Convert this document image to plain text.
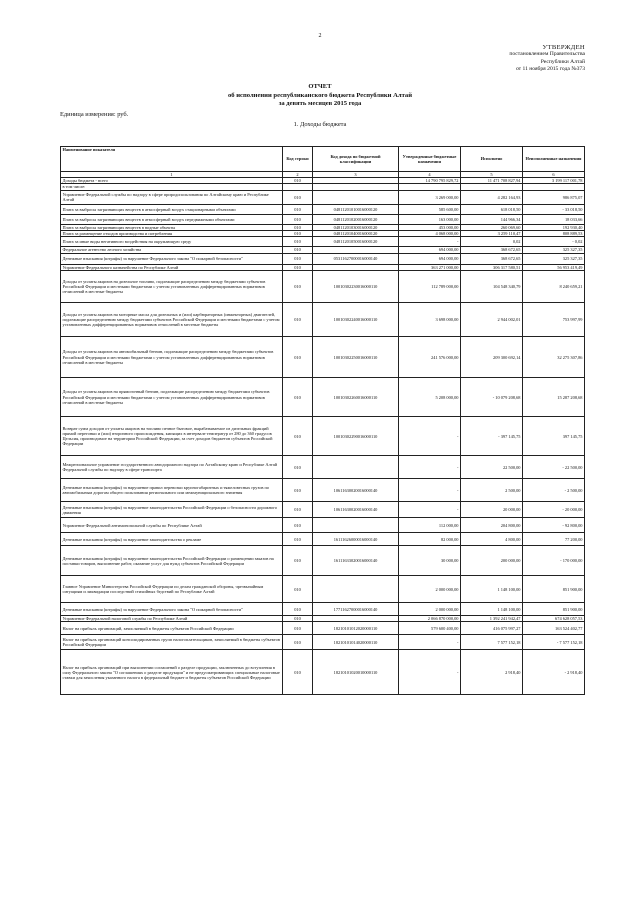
2
УТВЕРЖДЕН
постановлением Правительства
Республики Алтай
от 11 ноября 2015 года №373
ОТЧЕТ
об исполнении республиканского бюджета Республики Алтай
за девять месяцев 2015 года
Единица измерения: руб.
1. Доходы бюджета
Наименование показателя	Код строки	Код дохода по бюджетной классификации	Утвержденные бюджетные назначения	Исполнено	Неисполненные назначения
1	2	3	4	5	6
Доходы бюджета - всего	010		14 790 795 829,72	11 471 708 827,94	3 199 117 001,78
в том числе:					
Управление Федеральной службы по надзору в сфере природопользования по Алтайскому краю и Республике Алтай	010		3 269 000,00	4 282 164,93	986 875,07
Плата за выбросы загрязняющих веществ в атмосферный воздух стационарными объектами	010	04811201010016000120	585 600,00	618 018,50	- 33 018,50
Плата за выбросы загрязняющих веществ в атмосферный воздух передвижными объектами	010	04811201020016000120	163 000,00	144 966,34	18 033,66
Плата за выбросы загрязняющих веществ в водные объекты	010	04811201030016000120	453 000,00	260 069,60	192 930,40
Плата за размещение отходов производства и потребления	010	04811201040016000120	4 068 000,00	3 259 110,47	808 889,53
Плата за иные виды негативного воздействия на окружающую среду	010	04811201050016000120	-	0,02	- 0,02
Федеральное агентство лесного хозяйства	010		694 000,00	368 672,65	325 327,35
Денежные взыскания (штрафы) за нарушение Федерального закона "О пожарной безопасности"	010	05311627000016000140	694 000,00	368 672,65	325 327,35
Управление Федерального казначейства по Республике Алтай	010		363 271 000,00	306 317 580,51	56 953 419,49
Доходы от уплаты акцизов на дизельное топливо, подлежащие распределению между бюджетами субъектов Российской Федерации и местными бюджетами с учетом установленных дифференцированных нормативов отчислений в местные бюджеты	010	10010302230016000110	112 789 000,00	104 548 340,79	8 240 659,21
Доходы от уплаты акцизов на моторные масла для дизельных и (или) карбюраторных (инжекторных) двигателей, подлежащие распределению между бюджетами субъектов Российской Федерации и местными бюджетами с учетом установленных дифференцированных нормативов отчислений в местные бюджеты	010	10010302240016000110	3 698 000,00	2 944 002,01	753 997,99
Доходы от уплаты акцизов на автомобильный бензин, подлежащие распределению между бюджетами субъектов Российской Федерации и местными бюджетами с учетом установленных дифференцированных нормативов отчислений в местные бюджеты	010	10010302250016000110	241 576 000,00	209 300 692,14	32 275 307,86
Доходы от уплаты акцизов на прямогонный бензин, подлежащие распределению между бюджетами субъектов Российской Федерации и местными бюджетами с учетом установленных дифференцированных нормативов отчислений в местные бюджеты	010	10010302260016000110	5 208 000,00	- 10 079 208,68	15 287 208,68
Возврат сумм доходов от уплаты акцизов на топливо печное бытовое, вырабатываемое из дизельных фракций прямой перегонки и (или) вторичного происхождения, кипящих в интервале температур от 280 до 360 градусов Цельсия, производимое на территории Российской Федерации, за счет доходов бюджетов субъектов Российской Федерации	010	10010302290016000110	-	- 397 145,75	397 145,75
Межрегиональное управление государственного автодорожного надзора по Алтайскому краю и Республике Алтай Федеральной службы по надзору в сфере транспорта	010		-	22 500,00	- 22 500,00
Денежные взыскания (штрафы) за нарушение правил перевозки крупногабаритных и тяжеловесных грузов по автомобильным дорогам общего пользования регионального или межмуниципального значения	010	10611630020016000140	-	2 500,00	- 2 500,00
Денежные взыскания (штрафы) за нарушение законодательства Российской Федерации о безопасности дорожного движения	010	10611630020016000140	-	20 000,00	- 20 000,00
Управление Федеральной антимонопольной службы по Республике Алтай	010		112 000,00	204 800,00	- 92 800,00
Денежные взыскания (штрафы) за нарушение законодательства о рекламе	010	16111626000016000140	82 000,00	4 800,00	77 200,00
Денежные взыскания (штрафы) за нарушение законодательства Российской Федерации о размещении заказов на поставки товаров, выполнение работ, оказание услуг для нужд субъектов Российской Федерации	010	16111633020016000140	30 000,00	200 000,00	- 170 000,00
Главное Управление Министерства Российской Федерации по делам гражданской обороны, чрезвычайным ситуациям и ликвидации последствий стихийных бедствий по Республике Алтай	010		2 000 000,00	1 148 100,00	851 900,00
Денежные взыскания (штрафы) за нарушение Федерального закона "О пожарной безопасности"	010	17711627000016000140	2 000 000,00	1 148 100,00	851 900,00
Управление Федеральной налоговой службы по Республике Алтай	010		2 066 870 000,00	1 392 241 942,47	674 628 057,53
Налог на прибыль организаций, зачисляемый в бюджеты субъектов Российской Федерации	010	18210101012020000110	579 600 400,00	416 075 997,27	163 524 402,77
Налог на прибыль организаций консолидированных групп налогоплательщиков, зачисляемый в бюджеты субъектов Российской Федерации	010	18210101014020000110	-	7 577 152,18	- 7 577 152,18
Налог на прибыль организаций при выполнении соглашений о разделе продукции, заключенных до вступления в силу Федерального закона "О соглашениях о разделе продукции" и не предусматривающих специальные налоговые ставки для зачисления указанного налога в федеральный бюджет и бюджеты субъектов Российской Федерации	010	18210101020010000110	-	2 918,40	- 2 918,40
